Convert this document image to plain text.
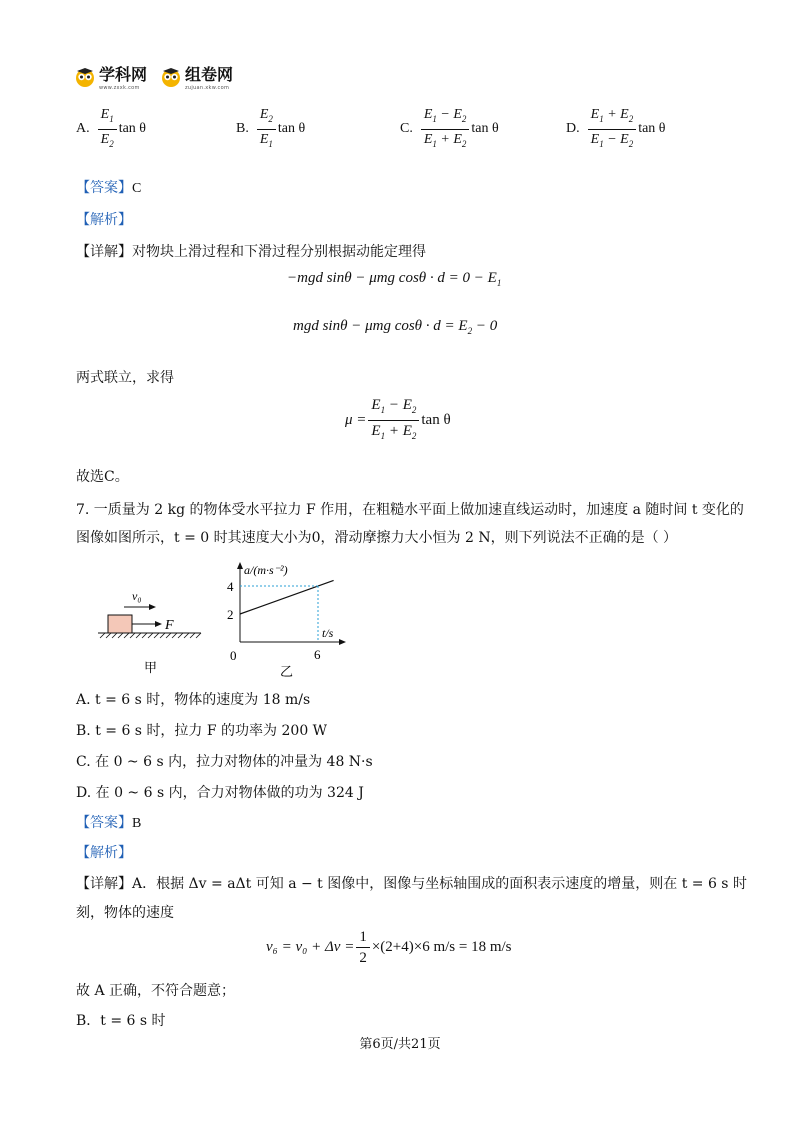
学科网
www.zxxk.com
组卷网
zujuan.xkw.com
A. $\frac{E_1}{E_2}$ tan θ	B. $\frac{E_2}{E_1}$ tan θ	C. $\frac{E_1 - E_2}{E_1 + E_2}$ tan θ	D. $\frac{E_1 + E_2}{E_1 - E_2}$ tan θ
【答案】C
【解析】
【详解】对物块上滑过程和下滑过程分别根据动能定理得
−mgd sinθ − μmg $\cos\theta \cdot d = 0 - E_1$
mgd sinθ − μmg $\cos\theta \cdot d = E_2 - 0$
两式联立，求得
$\mu = \frac{E_1 - E_2}{E_1 + E_2}$ tan θ
故选C。
7. 一质量为 2 kg 的物体受水平拉力 F 作用，在粗糙水平面上做加速直线运动时，加速度 a 随时间 t 变化的
图像如图所示，t = 0 时其速度大小为0，滑动摩擦力大小恒为 2 N，则下列说法不正确的是（ ）
v₀
F
甲
a/(m·s⁻²)
t/s
4
2
0	6
乙
A. t = 6 s 时，物体的速度为 18 m/s
B. t = 6 s 时，拉力 F 的功率为 200 W
C. 在 0 ~ 6 s 内，拉力对物体的冲量为 48 N·s
D. 在 0 ~ 6 s 内，合力对物体做的功为 324 J
【答案】B
【解析】
【详解】A．根据 Δv = aΔt 可知 a − t 图像中，图像与坐标轴围成的面积表示速度的增量，则在 t = 6 s 时
刻，物体的速度
$v_6 = v_0 + \Delta v = \frac{1}{2} \times(2+4)\times 6$ m/s = 18 m/s
故 A 正确，不符合题意；
B．t = 6 s 时
第6页/共21页
